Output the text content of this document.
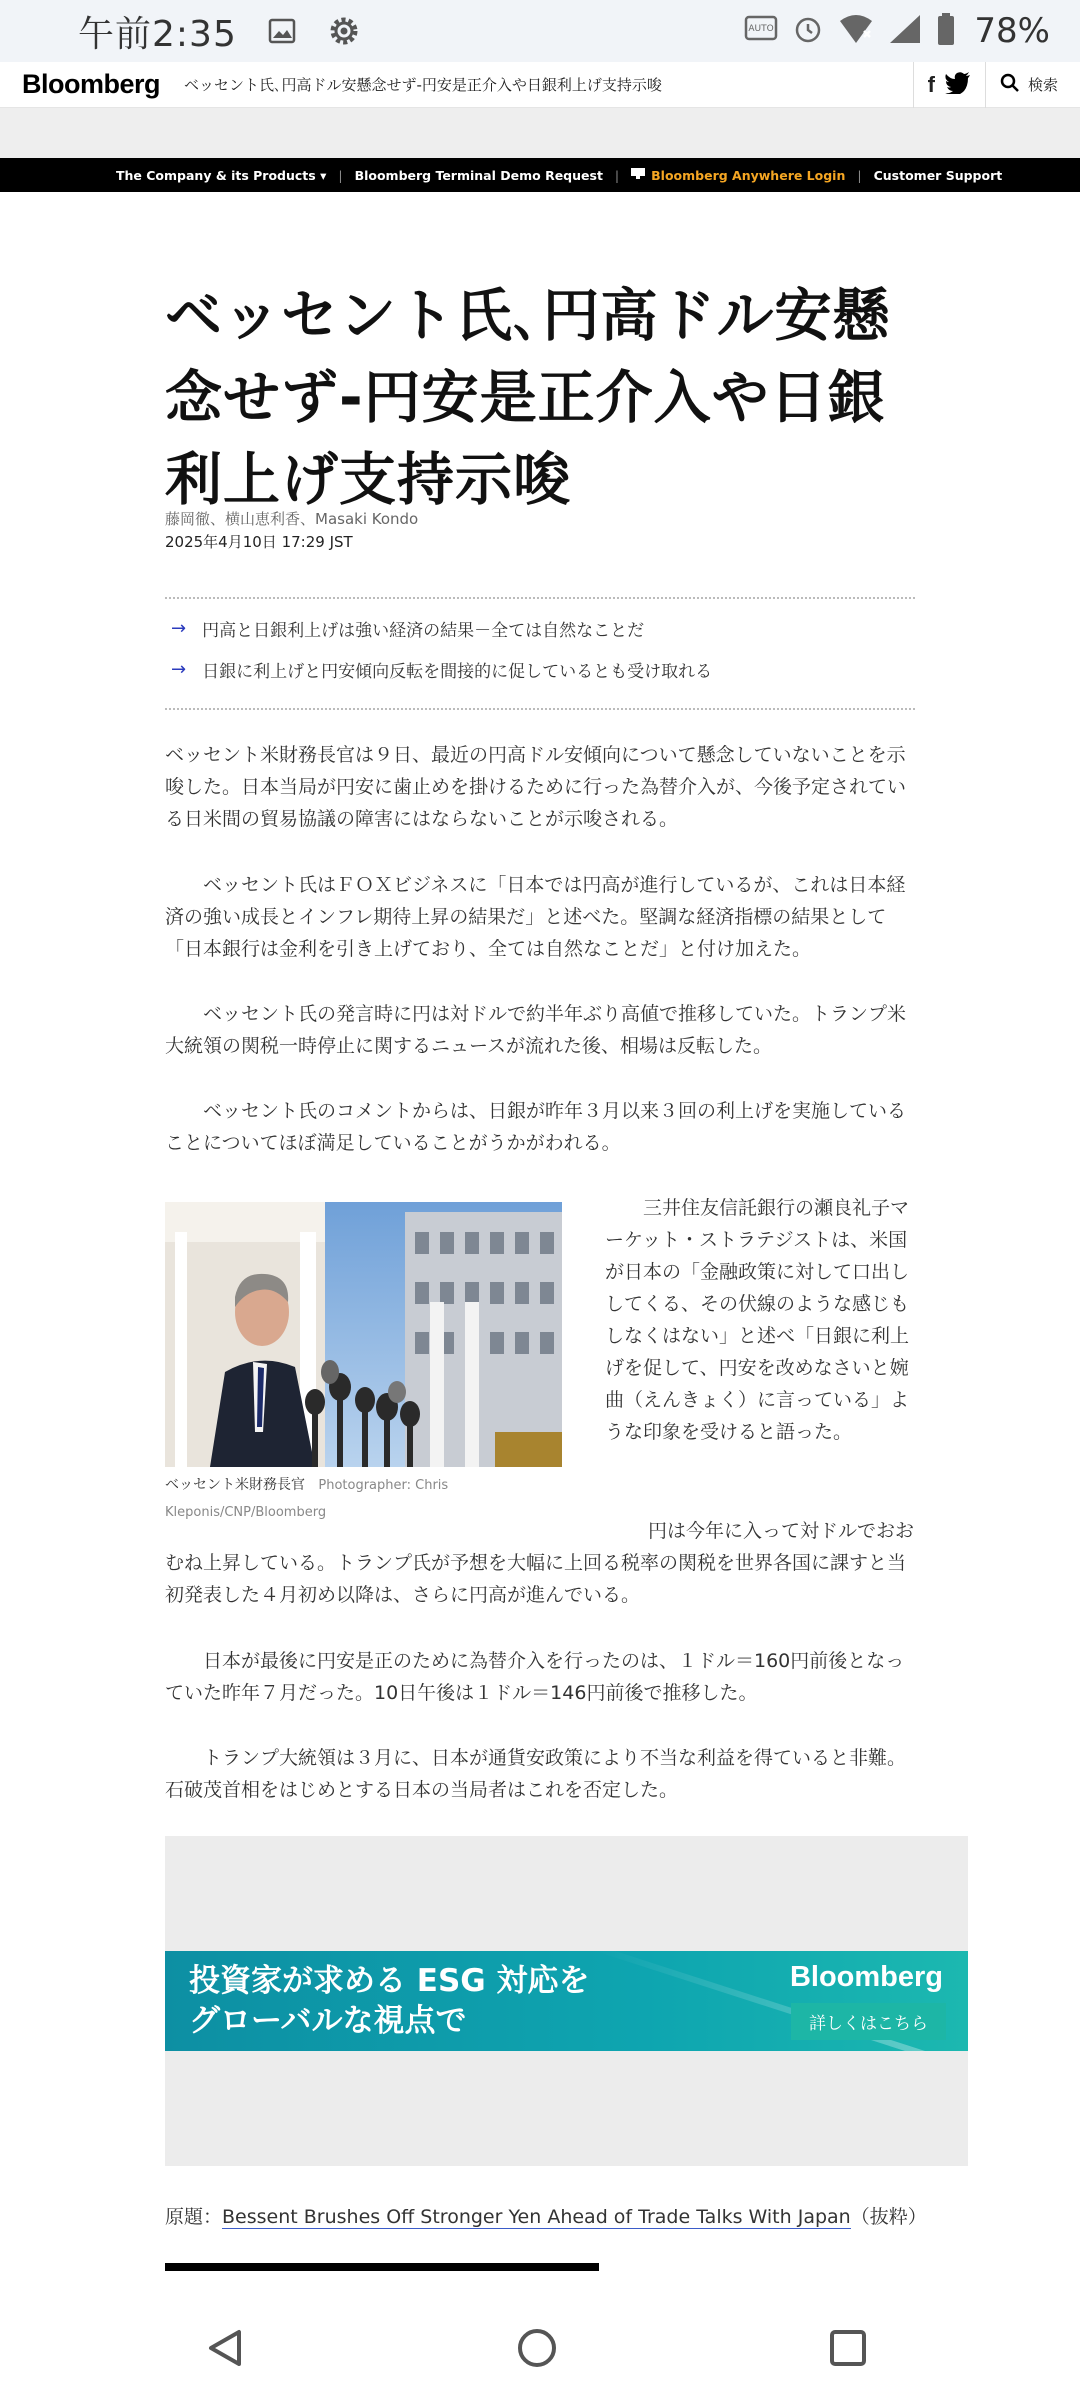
午前2:35	AUTO	78%
Bloomberg ベッセント氏､円高ドル安懸念せず-円安是正介入や日銀利上げ支持示唆	f	検索
The Company & its Products ▾ | Bloomberg Terminal Demo Request |	Bloomberg Anywhere Login | Customer Support
ベッセント氏､円高ドル安懸念せず-円安是正介入や日銀利上げ支持示唆
藤岡徹、横山恵利香、Masaki Kondo
2025年4月10日 17:29 JST
→ 円高と日銀利上げは強い経済の結果－全ては自然なことだ
→ 日銀に利上げと円安傾向反転を間接的に促しているとも受け取れる

ベッセント米財務長官は９日、最近の円高ドル安傾向について懸念していないことを示唆した。日本当局が円安に歯止めを掛けるために行った為替介入が、今後予定されている日米間の貿易協議の障害にはならないことが示唆される。

ベッセント氏はＦＯＸビジネスに「日本では円高が進行しているが、これは日本経済の強い成長とインフレ期待上昇の結果だ」と述べた。堅調な経済指標の結果として「日本銀行は金利を引き上げており、全ては自然なことだ」と付け加えた。

ベッセント氏の発言時に円は対ドルで約半年ぶり高値で推移していた。トランプ米大統領の関税一時停止に関するニュースが流れた後、相場は反転した。

ベッセント氏のコメントからは、日銀が昨年３月以来３回の利上げを実施していることについてほぼ満足していることがうかがわれる。

ベッセント米財務長官 Photographer: Chris Kleponis/CNP/Bloomberg

三井住友信託銀行の瀬良礼子マーケット・ストラテジストは、米国が日本の「金融政策に対して口出ししてくる、その伏線のような感じもしなくはない」と述べ「日銀に利上げを促して、円安を改めなさいと婉曲（えんきょく）に言っている」ような印象を受けると語った。

円は今年に入って対ドルでおおむね上昇している。トランプ氏が予想を大幅に上回る税率の関税を世界各国に課すと当初発表した４月初め以降は、さらに円高が進んでいる。

日本が最後に円安是正のために為替介入を行ったのは、１ドル＝160円前後となっていた昨年７月だった。10日午後は１ドル＝146円前後で推移した。

トランプ大統領は３月に、日本が通貨安政策により不当な利益を得ていると非難。石破茂首相をはじめとする日本の当局者はこれを否定した。

投資家が求める ESG 対応を
グローバルな視点で
Bloomberg
詳しくはこちら
原題：Bessent Brushes Off Stronger Yen Ahead of Trade Talks With Japan（抜粋）
